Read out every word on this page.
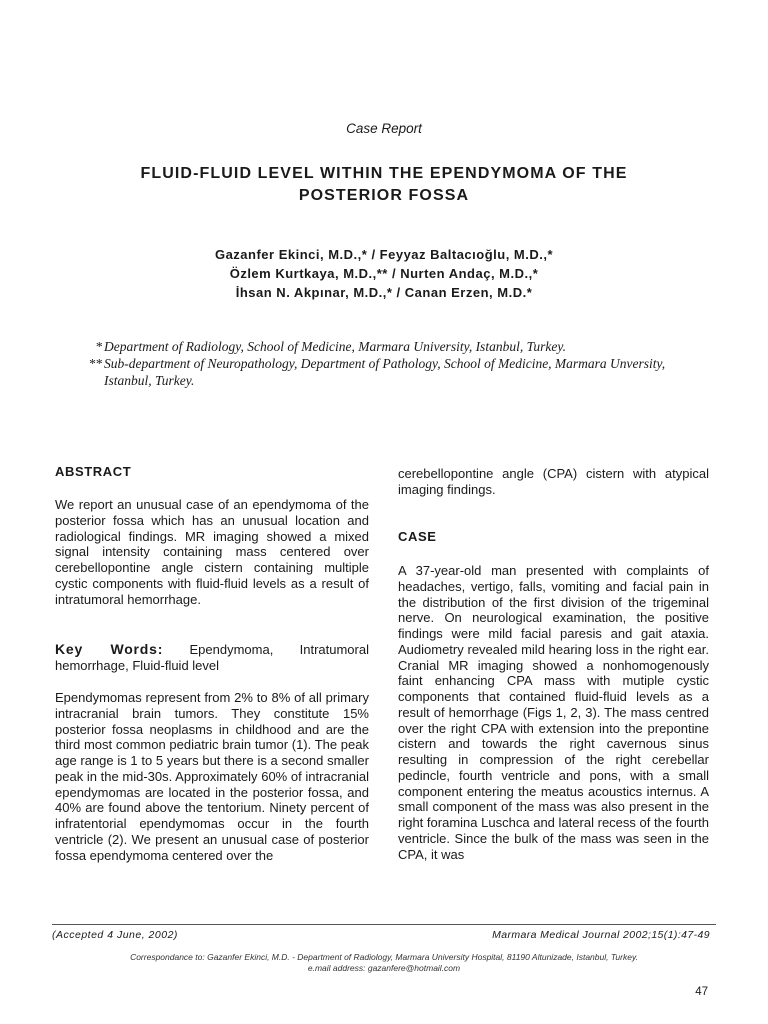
Case Report
FLUID-FLUID LEVEL WITHIN THE EPENDYMOMA OF THE
POSTERIOR FOSSA
Gazanfer Ekinci, M.D.,* / Feyyaz Baltacıoğlu, M.D.,*
Özlem Kurtkaya, M.D.,** / Nurten Andaç, M.D.,*
İhsan N. Akpınar, M.D.,* / Canan Erzen, M.D.*
* Department of Radiology, School of Medicine, Marmara University, Istanbul, Turkey.
** Sub-department of Neuropathology, Department of Pathology, School of Medicine, Marmara Unversity, Istanbul, Turkey.
ABSTRACT

We report an unusual case of an ependymoma of the posterior fossa which has an unusual location and radiological findings. MR imaging showed a mixed signal intensity containing mass centered over cerebellopontine angle cistern containing multiple cystic components with fluid-fluid levels as a result of intratumoral hemorrhage.

Key Words: Ependymoma, Intratumoral hemorrhage, Fluid-fluid level

Ependymomas represent from 2% to 8% of all primary intracranial brain tumors. They constitute 15% posterior fossa neoplasms in childhood and are the third most common pediatric brain tumor (1). The peak age range is 1 to 5 years but there is a second smaller peak in the mid-30s. Approximately 60% of intracranial ependymomas are located in the posterior fossa, and 40% are found above the tentorium. Ninety percent of infratentorial ependymomas occur in the fourth ventricle (2). We present an unusual case of posterior fossa ependymoma centered over the

cerebellopontine angle (CPA) cistern with atypical imaging findings.

CASE

A 37-year-old man presented with complaints of headaches, vertigo, falls, vomiting and facial pain in the distribution of the first division of the trigeminal nerve. On neurological examination, the positive findings were mild facial paresis and gait ataxia. Audiometry revealed mild hearing loss in the right ear. Cranial MR imaging showed a nonhomogenously faint enhancing CPA mass with mutiple cystic components that contained fluid-fluid levels as a result of hemorrhage (Figs 1, 2, 3). The mass centred over the right CPA with extension into the prepontine cistern and towards the right cavernous sinus resulting in compression of the right cerebellar pedincle, fourth ventricle and pons, with a small component entering the meatus acoustics internus. A small component of the mass was also present in the right foramina Luschca and lateral recess of the fourth ventricle. Since the bulk of the mass was seen in the CPA, it was

(Accepted 4 June, 2002)	Marmara Medical Journal 2002;15(1):47-49
Correspondance to: Gazanfer Ekinci, M.D. - Department of Radiology, Marmara University Hospital, 81190 Altunizade, Istanbul, Turkey.
e.mail address: gazanfere@hotmail.com
47
